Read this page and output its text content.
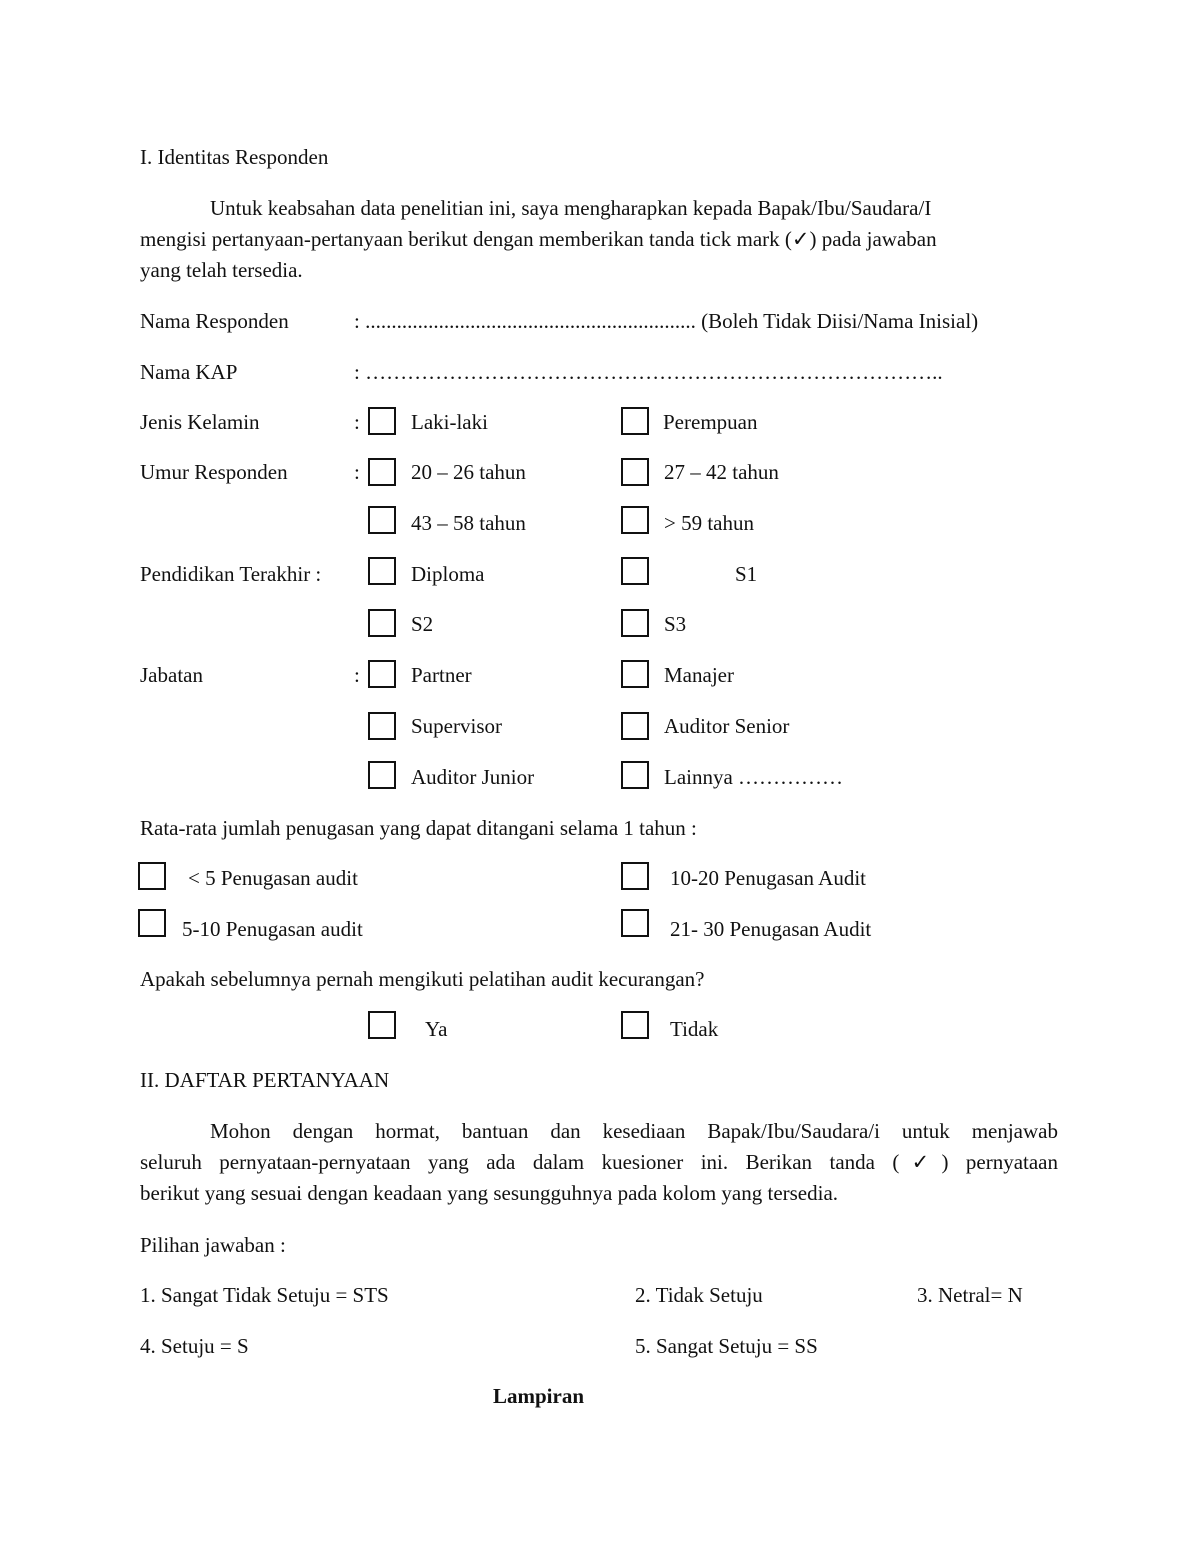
I. Identitas Responden
Untuk keabsahan data penelitian ini, saya mengharapkan kepada Bapak/Ibu/Saudara/I
mengisi pertanyaan-pertanyaan berikut dengan memberikan tanda tick mark (✓) pada jawaban
yang telah tersedia.
Nama Responden	: ............................................................... (Boleh Tidak Diisi/Nama Inisial)
Nama KAP	: ………………………………………………………………………..
Jenis Kelamin	: Laki-laki	Perempuan
Umur Responden	: 20 – 26 tahun	27 – 42 tahun
43 – 58 tahun	> 59 tahun
Pendidikan Terakhir :	Diploma	S1
S2	S3
Jabatan	: Partner	Manajer
Supervisor	Auditor Senior
Auditor Junior	Lainnya ……………
Rata-rata jumlah penugasan yang dapat ditangani selama 1 tahun :
< 5 Penugasan audit	10-20 Penugasan Audit
5-10 Penugasan audit	21- 30 Penugasan Audit
Apakah sebelumnya pernah mengikuti pelatihan audit kecurangan?
Ya	Tidak
II. DAFTAR PERTANYAAN
Mohon dengan hormat, bantuan dan kesediaan Bapak/Ibu/Saudara/i untuk menjawab
seluruh pernyataan-pernyataan yang ada dalam kuesioner ini. Berikan tanda (✓) pernyataan
berikut yang sesuai dengan keadaan yang sesungguhnya pada kolom yang tersedia.
Pilihan jawaban :
1. Sangat Tidak Setuju = STS	2. Tidak Setuju	3. Netral= N
4. Setuju = S	5. Sangat Setuju = SS
Lampiran
